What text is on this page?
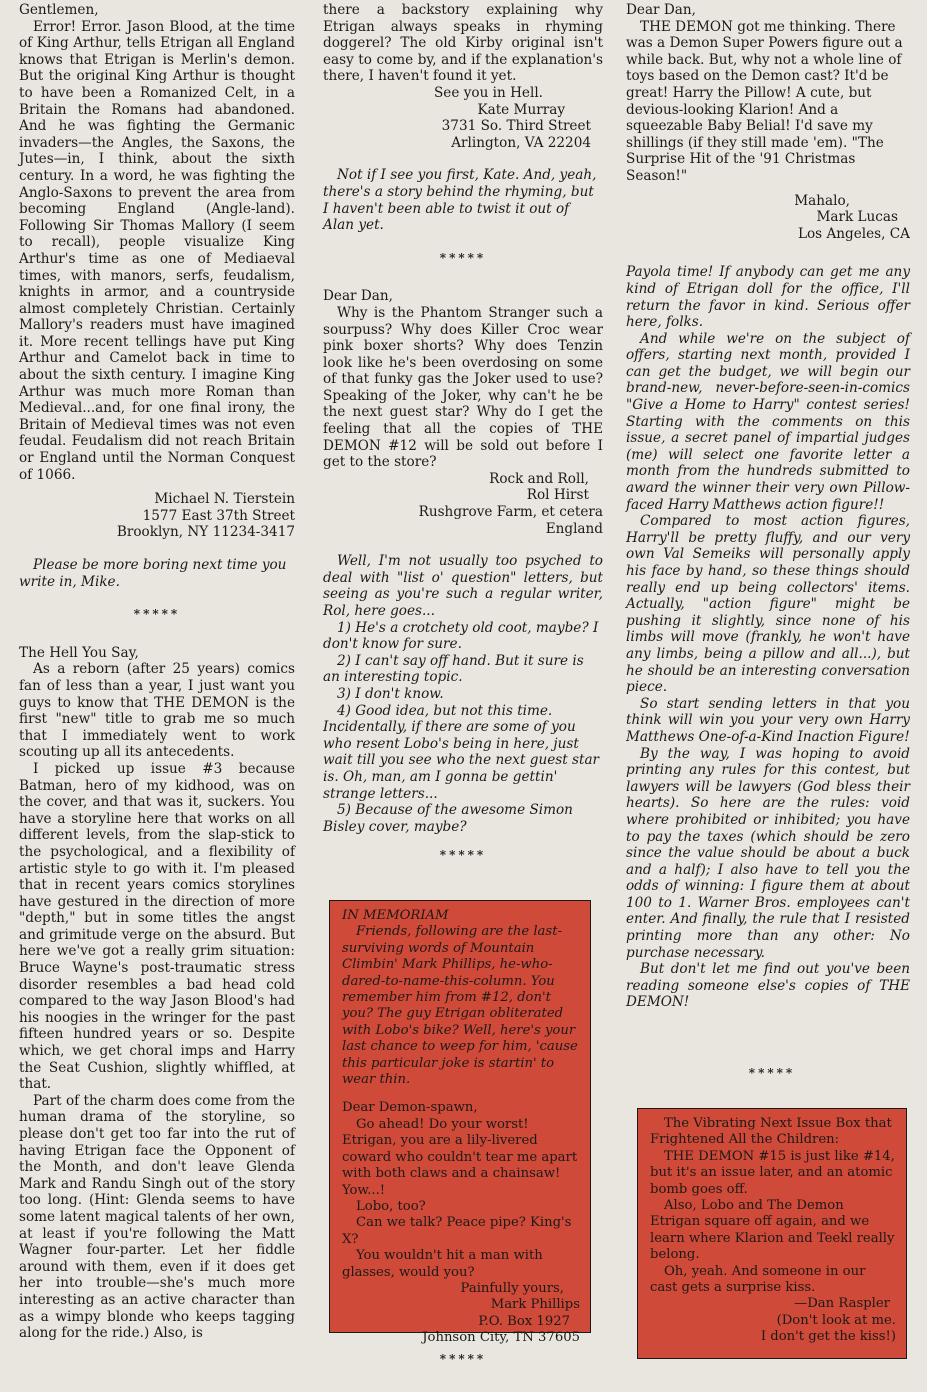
Gentlemen,

Error! Error. Jason Blood, at the time of King Arthur, tells Etrigan all England knows that Etrigan is Merlin's demon. But the original King Arthur is thought to have been a Romanized Celt, in a Britain the Romans had abandoned. And he was fighting the Germanic invaders—the Angles, the Saxons, the Jutes—in, I think, about the sixth century. In a word, he was fighting the Anglo-Saxons to prevent the area from becoming England (Angle-land). Following Sir Thomas Mallory (I seem to recall), people visualize King Arthur's time as one of Mediaeval times, with manors, serfs, feudalism, knights in armor, and a countryside almost completely Christian. Certainly Mallory's readers must have imagined it. More recent tellings have put King Arthur and Camelot back in time to about the sixth century. I imagine King Arthur was much more Roman than Medieval...and, for one final irony, the Britain of Medieval times was not even feudal. Feudalism did not reach Britain or England until the Norman Conquest of 1066.

Michael N. Tierstein

1577 East 37th Street

Brooklyn, NY 11234-3417

Please be more boring next time you write in, Mike.

*****

The Hell You Say,

As a reborn (after 25 years) comics fan of less than a year, I just want you guys to know that THE DEMON is the first "new" title to grab me so much that I immediately went to work scouting up all its antecedents.

I picked up issue #3 because Batman, hero of my kidhood, was on the cover, and that was it, suckers. You have a storyline here that works on all different levels, from the slap-stick to the psychological, and a flexibility of artistic style to go with it. I'm pleased that in recent years comics storylines have gestured in the direction of more "depth," but in some titles the angst and grimitude verge on the absurd. But here we've got a really grim situation: Bruce Wayne's post-traumatic stress disorder resembles a bad head cold compared to the way Jason Blood's had his noogies in the wringer for the past fifteen hundred years or so. Despite which, we get choral imps and Harry the Seat Cushion, slightly whiffled, at that.

Part of the charm does come from the human drama of the storyline, so please don't get too far into the rut of having Etrigan face the Opponent of the Month, and don't leave Glenda Mark and Randu Singh out of the story too long. (Hint: Glenda seems to have some latent magical talents of her own, at least if you're following the Matt Wagner four-parter. Let her fiddle around with them, even if it does get her into trouble—she's much more interesting as an active character than as a wimpy blonde who keeps tagging along for the ride.) Also, is

there a backstory explaining why Etrigan always speaks in rhyming doggerel? The old Kirby original isn't easy to come by, and if the explanation's there, I haven't found it yet.

See you in Hell.

Kate Murray

3731 So. Third Street

Arlington, VA 22204

Not if I see you first, Kate. And, yeah, there's a story behind the rhyming, but I haven't been able to twist it out of Alan yet.

*****

Dear Dan,

Why is the Phantom Stranger such a sourpuss? Why does Killer Croc wear pink boxer shorts? Why does Tenzin look like he's been overdosing on some of that funky gas the Joker used to use? Speaking of the Joker, why can't he be the next guest star? Why do I get the feeling that all the copies of THE DEMON #12 will be sold out before I get to the store?

Rock and Roll,

Rol Hirst

Rushgrove Farm, et cetera

England

Well, I'm not usually too psyched to deal with "list o' question" letters, but seeing as you're such a regular writer, Rol, here goes...

1) He's a crotchety old coot, maybe? I don't know for sure.

2) I can't say off hand. But it sure is an interesting topic.

3) I don't know.

4) Good idea, but not this time. Incidentally, if there are some of you who resent Lobo's being in here, just wait till you see who the next guest star is. Oh, man, am I gonna be gettin' strange letters...

5) Because of the awesome Simon Bisley cover, maybe?

*****

IN MEMORIAM

Friends, following are the last-surviving words of Mountain Climbin' Mark Phillips, he-who-dared-to-name-this-column. You remember him from #12, don't you? The guy Etrigan obliterated with Lobo's bike? Well, here's your last chance to weep for him, 'cause this particular joke is startin' to wear thin.

Dear Demon-spawn,

Go ahead! Do your worst! Etrigan, you are a lily-livered coward who couldn't tear me apart with both claws and a chainsaw! Yow...!

Lobo, too?

Can we talk? Peace pipe? King's X?

You wouldn't hit a man with glasses, would you?

Painfully yours,

Mark Phillips

P.O. Box 1927

Johnson City, TN 37605

*****

Dear Dan,

THE DEMON got me thinking. There was a Demon Super Powers figure out a while back. But, why not a whole line of toys based on the Demon cast? It'd be great! Harry the Pillow! A cute, but devious-looking Klarion! And a squeezable Baby Belial! I'd save my shillings (if they still made 'em). "The Surprise Hit of the '91 Christmas Season!"

Mahalo,

Mark Lucas

Los Angeles, CA

Payola time! If anybody can get me any kind of Etrigan doll for the office, I'll return the favor in kind. Serious offer here, folks.

And while we're on the subject of offers, starting next month, provided I can get the budget, we will begin our brand-new, never-before-seen-in-comics "Give a Home to Harry" contest series! Starting with the comments on this issue, a secret panel of impartial judges (me) will select one favorite letter a month from the hundreds submitted to award the winner their very own Pillow-faced Harry Matthews action figure!!

Compared to most action figures, Harry'll be pretty fluffy, and our very own Val Semeiks will personally apply his face by hand, so these things should really end up being collectors' items. Actually, "action figure" might be pushing it slightly, since none of his limbs will move (frankly, he won't have any limbs, being a pillow and all...), but he should be an interesting conversation piece.

So start sending letters in that you think will win you your very own Harry Matthews One-of-a-Kind Inaction Figure!

By the way, I was hoping to avoid printing any rules for this contest, but lawyers will be lawyers (God bless their hearts). So here are the rules: void where prohibited or inhibited; you have to pay the taxes (which should be zero since the value should be about a buck and a half); I also have to tell you the odds of winning: I figure them at about 100 to 1. Warner Bros. employees can't enter. And finally, the rule that I resisted printing more than any other: No purchase necessary.

But don't let me find out you've been reading someone else's copies of THE DEMON!

*****

The Vibrating Next Issue Box that Frightened All the Children:

THE DEMON #15 is just like #14, but it's an issue later, and an atomic bomb goes off.

Also, Lobo and The Demon Etrigan square off again, and we learn where Klarion and Teekl really belong.

Oh, yeah. And someone in our cast gets a surprise kiss.

—Dan Raspler

(Don't look at me.

I don't get the kiss!)
